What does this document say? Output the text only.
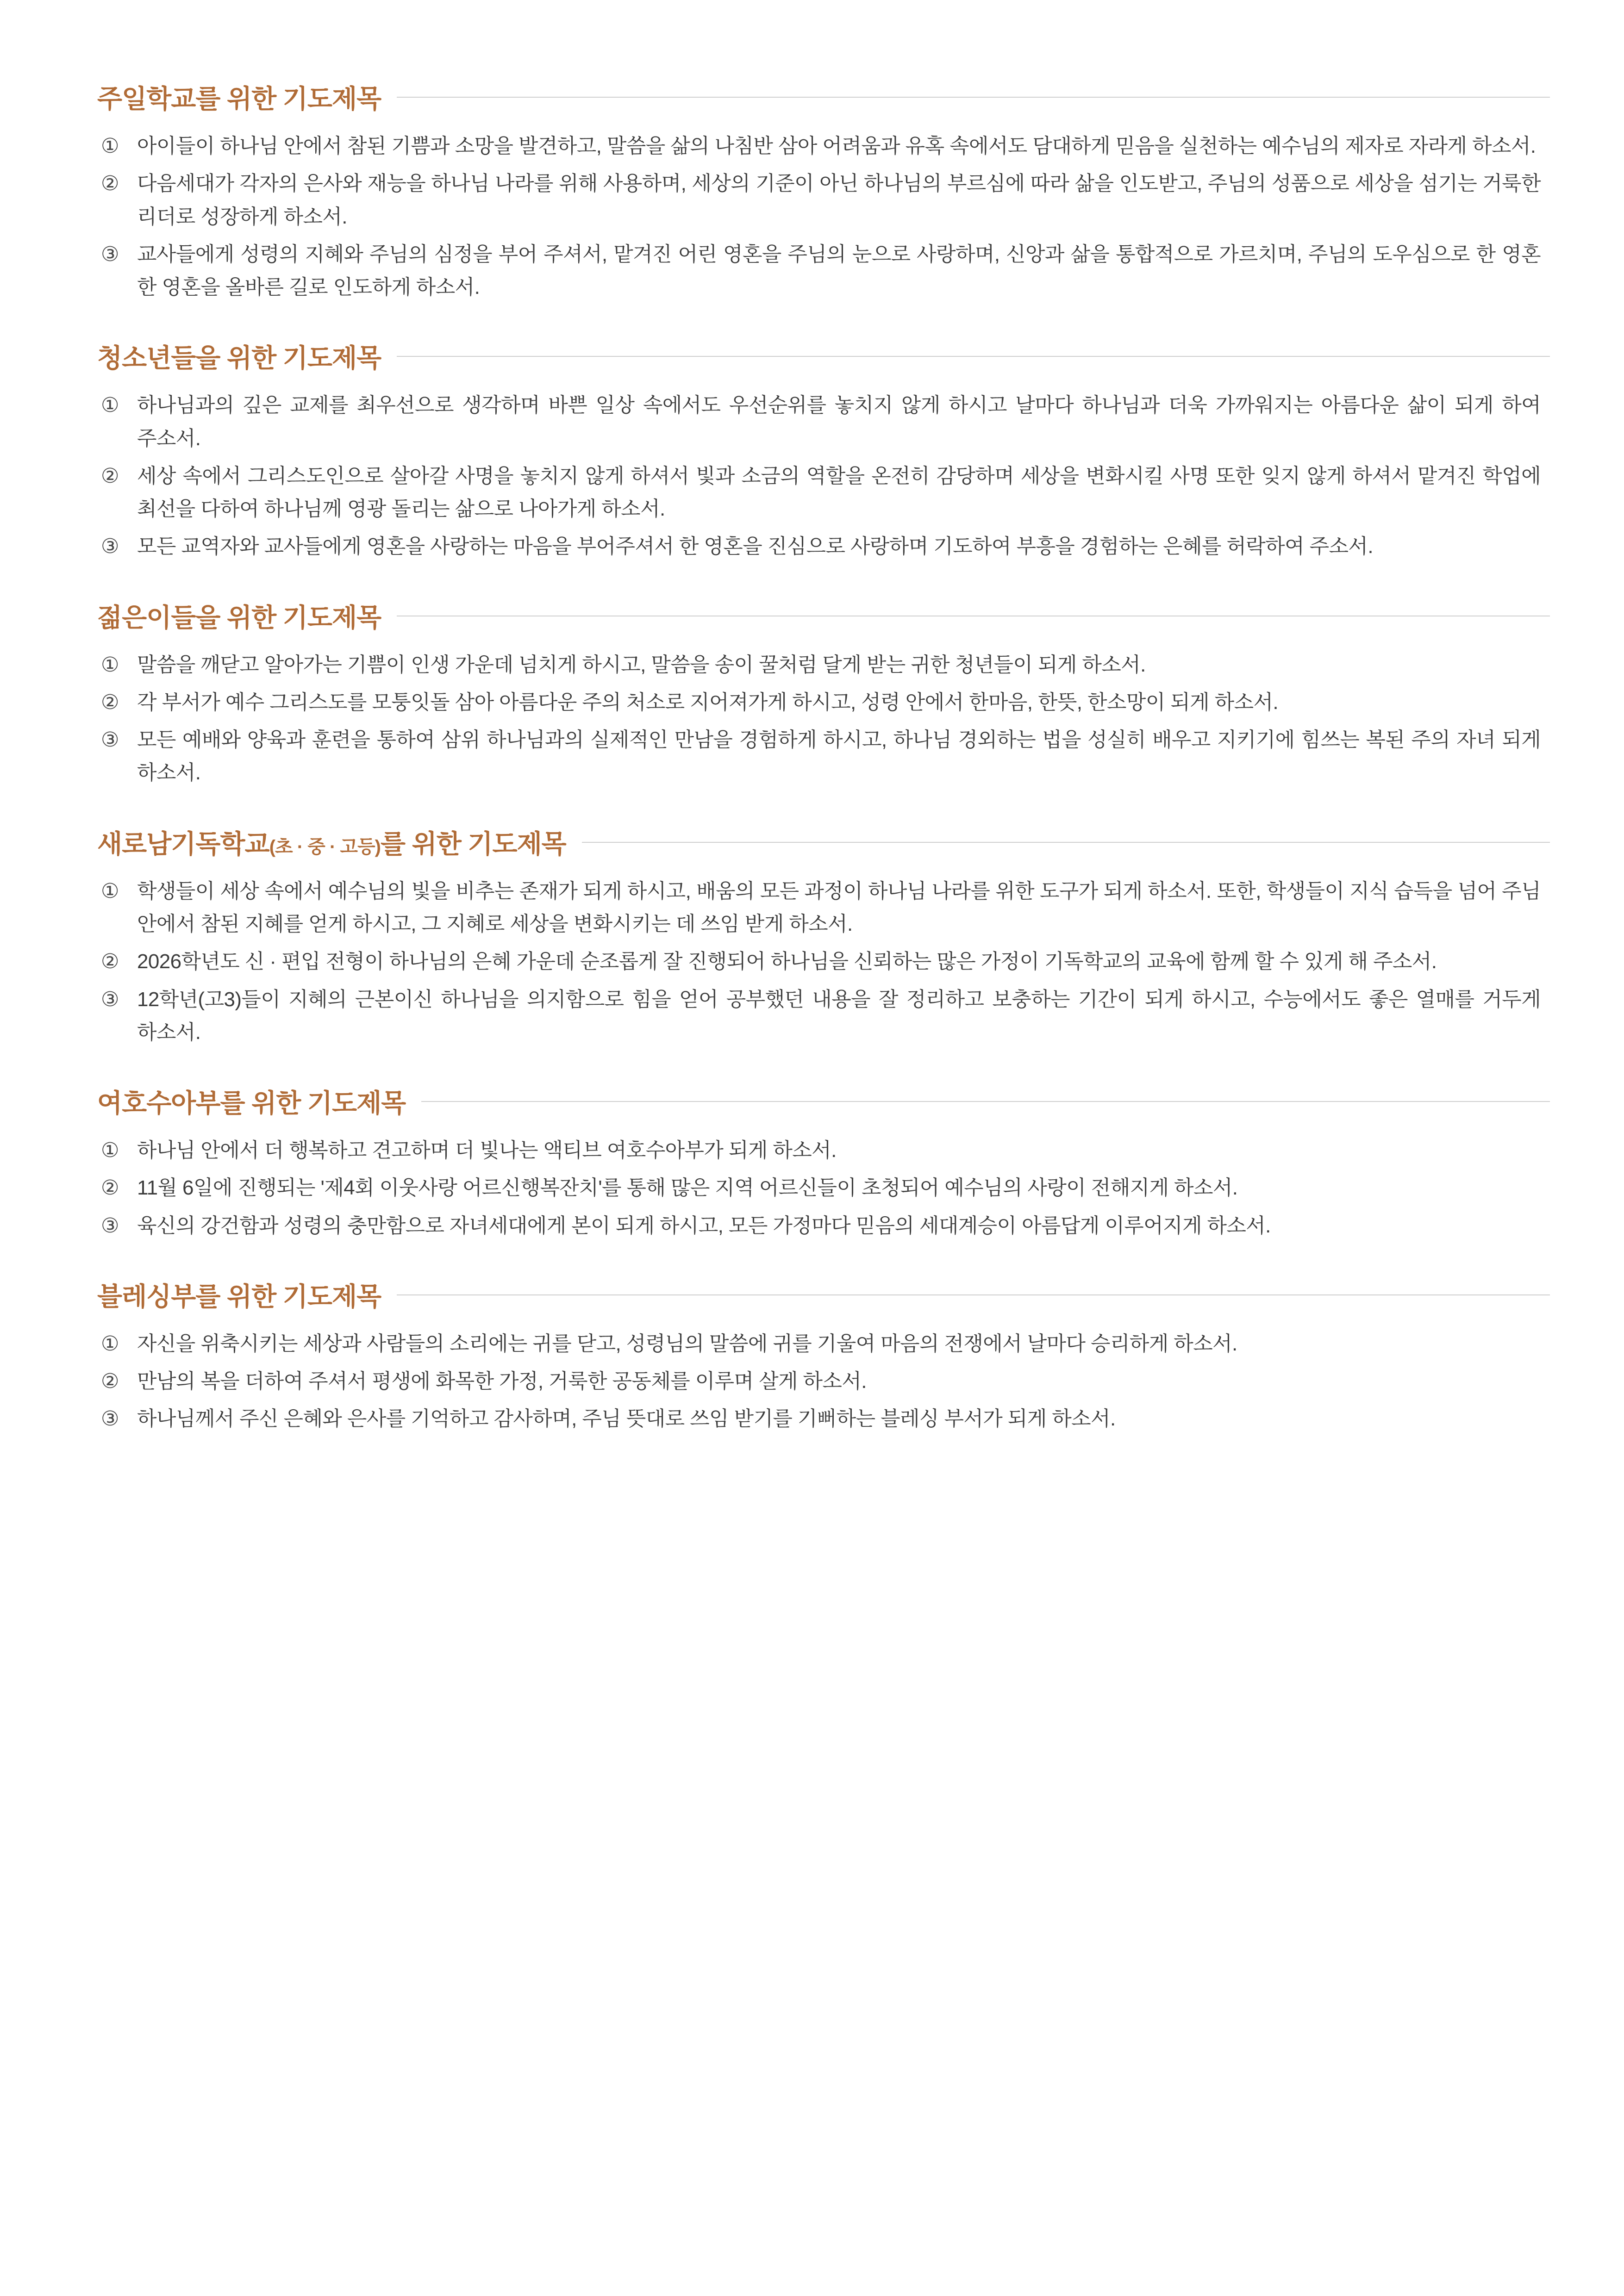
주일학교를 위한 기도제목
① 아이들이 하나님 안에서 참된 기쁨과 소망을 발견하고, 말씀을 삶의 나침반 삼아 어려움과 유혹 속에서도 담대하게 믿음을 실천하는 예수님의 제자로 자라게 하소서.
② 다음세대가 각자의 은사와 재능을 하나님 나라를 위해 사용하며, 세상의 기준이 아닌 하나님의 부르심에 따라 삶을 인도받고, 주님의 성품으로 세상을 섬기는 거룩한 리더로 성장하게 하소서.
③ 교사들에게 성령의 지혜와 주님의 심정을 부어 주셔서, 맡겨진 어린 영혼을 주님의 눈으로 사랑하며, 신앙과 삶을 통합적으로 가르치며, 주님의 도우심으로 한 영혼 한 영혼을 올바른 길로 인도하게 하소서.
청소년들을 위한 기도제목
① 하나님과의 깊은 교제를 최우선으로 생각하며 바쁜 일상 속에서도 우선순위를 놓치지 않게 하시고 날마다 하나님과 더욱 가까워지는 아름다운 삶이 되게 하여 주소서.
② 세상 속에서 그리스도인으로 살아갈 사명을 놓치지 않게 하셔서 빛과 소금의 역할을 온전히 감당하며 세상을 변화시킬 사명 또한 잊지 않게 하셔서 맡겨진 학업에 최선을 다하여 하나님께 영광 돌리는 삶으로 나아가게 하소서.
③ 모든 교역자와 교사들에게 영혼을 사랑하는 마음을 부어주셔서 한 영혼을 진심으로 사랑하며 기도하여 부흥을 경험하는 은혜를 허락하여 주소서.
젊은이들을 위한 기도제목
① 말씀을 깨닫고 알아가는 기쁨이 인생 가운데 넘치게 하시고, 말씀을 송이 꿀처럼 달게 받는 귀한 청년들이 되게 하소서.
② 각 부서가 예수 그리스도를 모퉁잇돌 삼아 아름다운 주의 처소로 지어져가게 하시고, 성령 안에서 한마음, 한뜻, 한소망이 되게 하소서.
③ 모든 예배와 양육과 훈련을 통하여 삼위 하나님과의 실제적인 만남을 경험하게 하시고, 하나님 경외하는 법을 성실히 배우고 지키기에 힘쓰는 복된 주의 자녀 되게 하소서.
새로남기독학교(초 · 중 · 고등)를 위한 기도제목
① 학생들이 세상 속에서 예수님의 빛을 비추는 존재가 되게 하시고, 배움의 모든 과정이 하나님 나라를 위한 도구가 되게 하소서. 또한, 학생들이 지식 습득을 넘어 주님 안에서 참된 지혜를 얻게 하시고, 그 지혜로 세상을 변화시키는 데 쓰임 받게 하소서.
② 2026학년도 신 · 편입 전형이 하나님의 은혜 가운데 순조롭게 잘 진행되어 하나님을 신뢰하는 많은 가정이 기독학교의 교육에 함께 할 수 있게 해 주소서.
③ 12학년(고3)들이 지혜의 근본이신 하나님을 의지함으로 힘을 얻어 공부했던 내용을 잘 정리하고 보충하는 기간이 되게 하시고, 수능에서도 좋은 열매를 거두게 하소서.
여호수아부를 위한 기도제목
① 하나님 안에서 더 행복하고 견고하며 더 빛나는 액티브 여호수아부가 되게 하소서.
② 11월 6일에 진행되는 '제4회 이웃사랑 어르신행복잔치'를 통해 많은 지역 어르신들이 초청되어 예수님의 사랑이 전해지게 하소서.
③ 육신의 강건함과 성령의 충만함으로 자녀세대에게 본이 되게 하시고, 모든 가정마다 믿음의 세대계승이 아름답게 이루어지게 하소서.
블레싱부를 위한 기도제목
① 자신을 위축시키는 세상과 사람들의 소리에는 귀를 닫고, 성령님의 말씀에 귀를 기울여 마음의 전쟁에서 날마다 승리하게 하소서.
② 만남의 복을 더하여 주셔서 평생에 화목한 가정, 거룩한 공동체를 이루며 살게 하소서.
③ 하나님께서 주신 은혜와 은사를 기억하고 감사하며, 주님 뜻대로 쓰임 받기를 기뻐하는 블레싱 부서가 되게 하소서.
